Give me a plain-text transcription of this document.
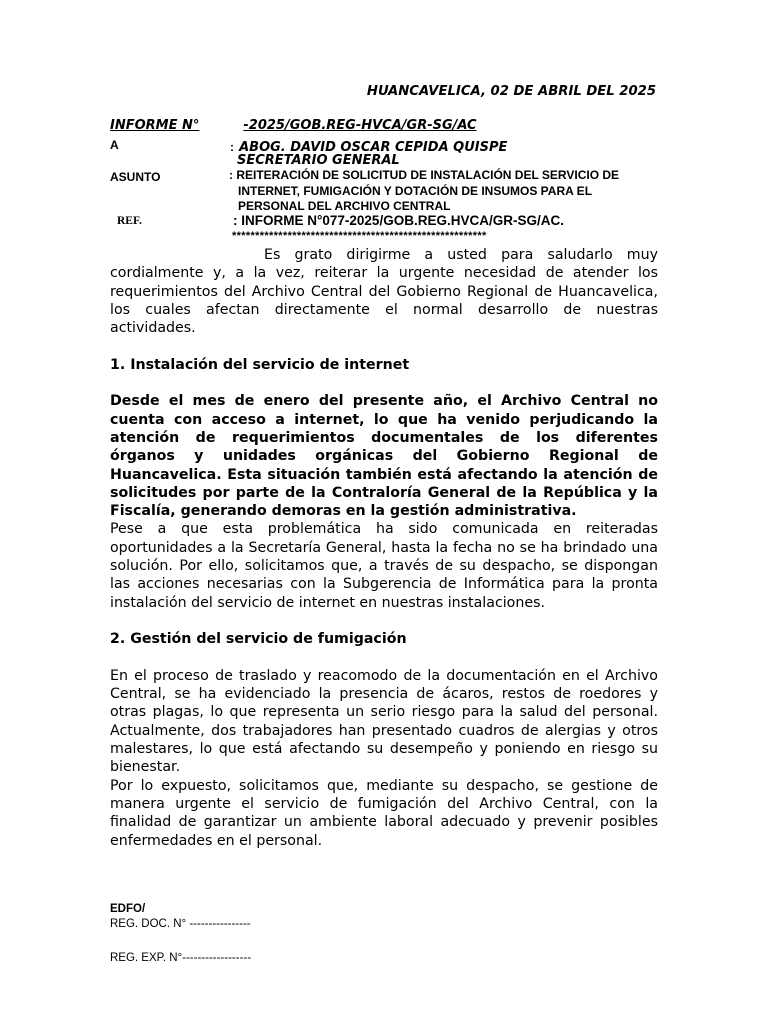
HUANCAVELICA, 02 DE ABRIL DEL 2025
INFORME N°	-2025/GOB.REG-HVCA/GR-SG/AC
A	: ABOG. DAVID OSCAR CEPIDA QUISPE
SECRETARIO GENERAL
ASUNTO	: REITERACIÓN DE SOLICITUD DE INSTALACIÓN DEL SERVICIO DE INTERNET, FUMIGACIÓN Y DOTACIÓN DE INSUMOS PARA EL PERSONAL DEL ARCHIVO CENTRAL
REF.	: INFORME N°077-2025/GOB.REG.HVCA/GR-SG/AC.
*******************************************************

Es grato dirigirme a usted para saludarlo muy cordialmente y, a la vez, reiterar la urgente necesidad de atender los requerimientos del Archivo Central del Gobierno Regional de Huancavelica, los cuales afectan directamente el normal desarrollo de nuestras actividades.

1. Instalación del servicio de internet

Desde el mes de enero del presente año, el Archivo Central no cuenta con acceso a internet, lo que ha venido perjudicando la atención de requerimientos documentales de los diferentes órganos y unidades orgánicas del Gobierno Regional de Huancavelica. Esta situación también está afectando la atención de solicitudes por parte de la Contraloría General de la República y la Fiscalía, generando demoras en la gestión administrativa.

Pese a que esta problemática ha sido comunicada en reiteradas oportunidades a la Secretaría General, hasta la fecha no se ha brindado una solución. Por ello, solicitamos que, a través de su despacho, se dispongan las acciones necesarias con la Subgerencia de Informática para la pronta instalación del servicio de internet en nuestras instalaciones.

2. Gestión del servicio de fumigación

En el proceso de traslado y reacomodo de la documentación en el Archivo Central, se ha evidenciado la presencia de ácaros, restos de roedores y otras plagas, lo que representa un serio riesgo para la salud del personal. Actualmente, dos trabajadores han presentado cuadros de alergias y otros malestares, lo que está afectando su desempeño y poniendo en riesgo su bienestar.

Por lo expuesto, solicitamos que, mediante su despacho, se gestione de manera urgente el servicio de fumigación del Archivo Central, con la finalidad de garantizar un ambiente laboral adecuado y prevenir posibles enfermedades en el personal.

EDFO/
REG. DOC. N° ----------------
REG. EXP. N°------------------
